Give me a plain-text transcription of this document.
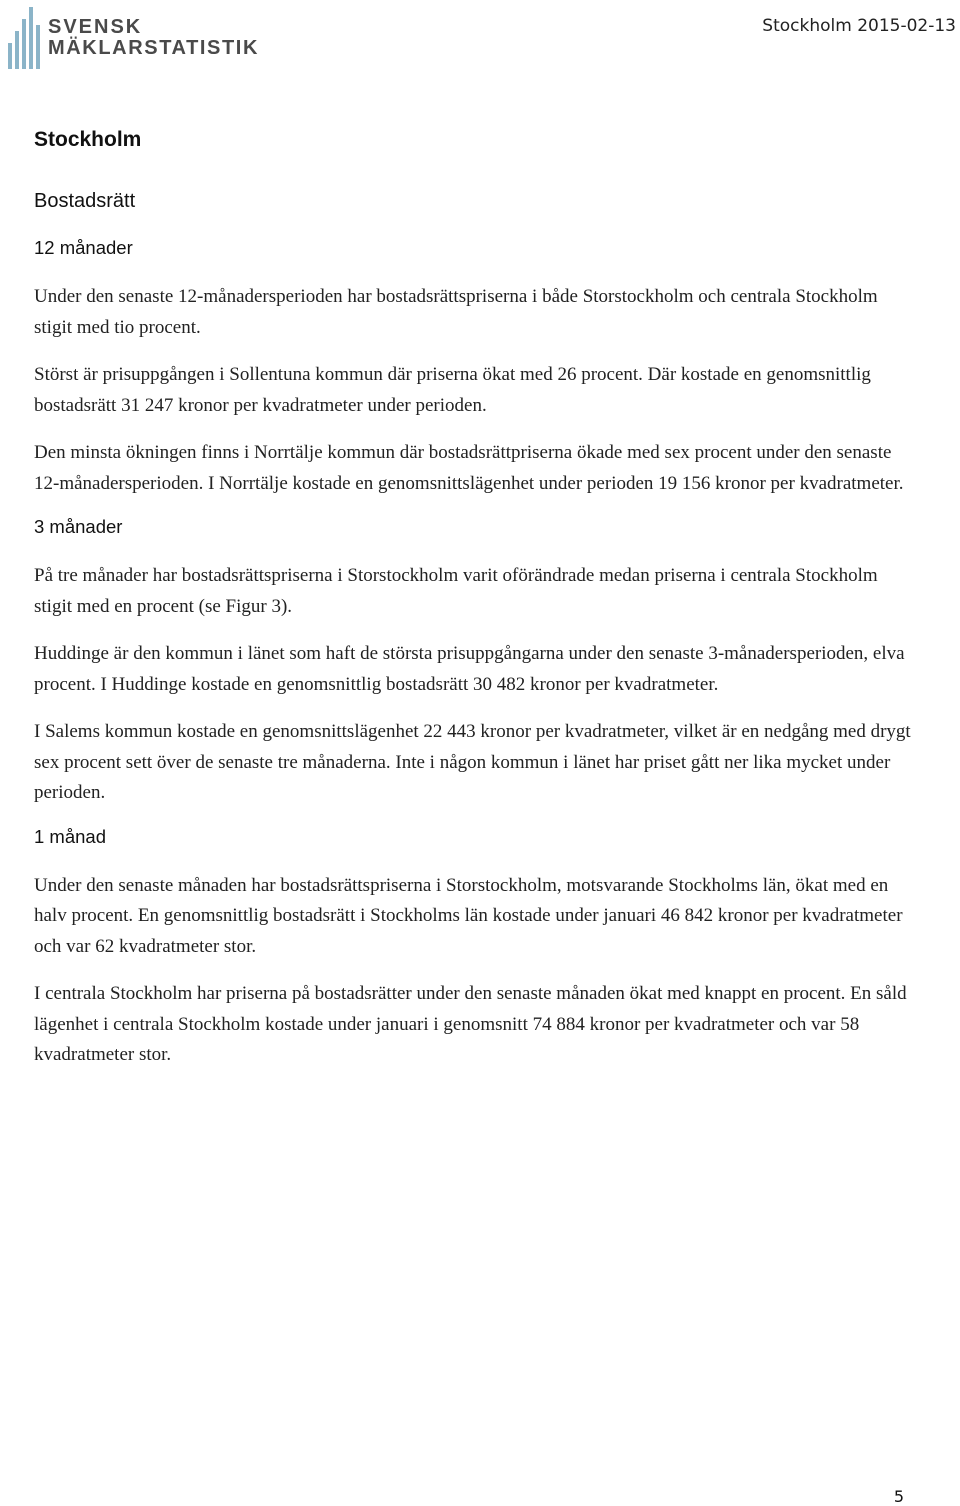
SVENSK
MÄKLARSTATISTIK
Stockholm 2015-02-13
Stockholm
Bostadsrätt
12 månader

Under den senaste 12-månadersperioden har bostadsrättspriserna i både Storstockholm och centrala Stockholm stigit med tio procent.

Störst är prisuppgången i Sollentuna kommun där priserna ökat med 26 procent. Där kostade en genomsnittlig bostadsrätt 31 247 kronor per kvadratmeter under perioden.

Den minsta ökningen finns i Norrtälje kommun där bostadsrättpriserna ökade med sex procent under den senaste 12-månadersperioden. I Norrtälje kostade en genomsnittslägenhet under perioden 19 156 kronor per kvadratmeter.

3 månader

På tre månader har bostadsrättspriserna i Storstockholm varit oförändrade medan priserna i centrala Stockholm stigit med en procent (se Figur 3).

Huddinge är den kommun i länet som haft de största prisuppgångarna under den senaste 3-månadersperioden, elva procent. I Huddinge kostade en genomsnittlig bostadsrätt 30 482 kronor per kvadratmeter.

I Salems kommun kostade en genomsnittslägenhet 22 443 kronor per kvadratmeter, vilket är en nedgång med drygt sex procent sett över de senaste tre månaderna. Inte i någon kommun i länet har priset gått ner lika mycket under perioden.

1 månad

Under den senaste månaden har bostadsrättspriserna i Storstockholm, motsvarande Stockholms län, ökat med en halv procent. En genomsnittlig bostadsrätt i Stockholms län kostade under januari 46 842 kronor per kvadratmeter och var 62 kvadratmeter stor.

I centrala Stockholm har priserna på bostadsrätter under den senaste månaden ökat med knappt en procent. En såld lägenhet i centrala Stockholm kostade under januari i genomsnitt 74 884 kronor per kvadratmeter och var 58 kvadratmeter stor.

5
